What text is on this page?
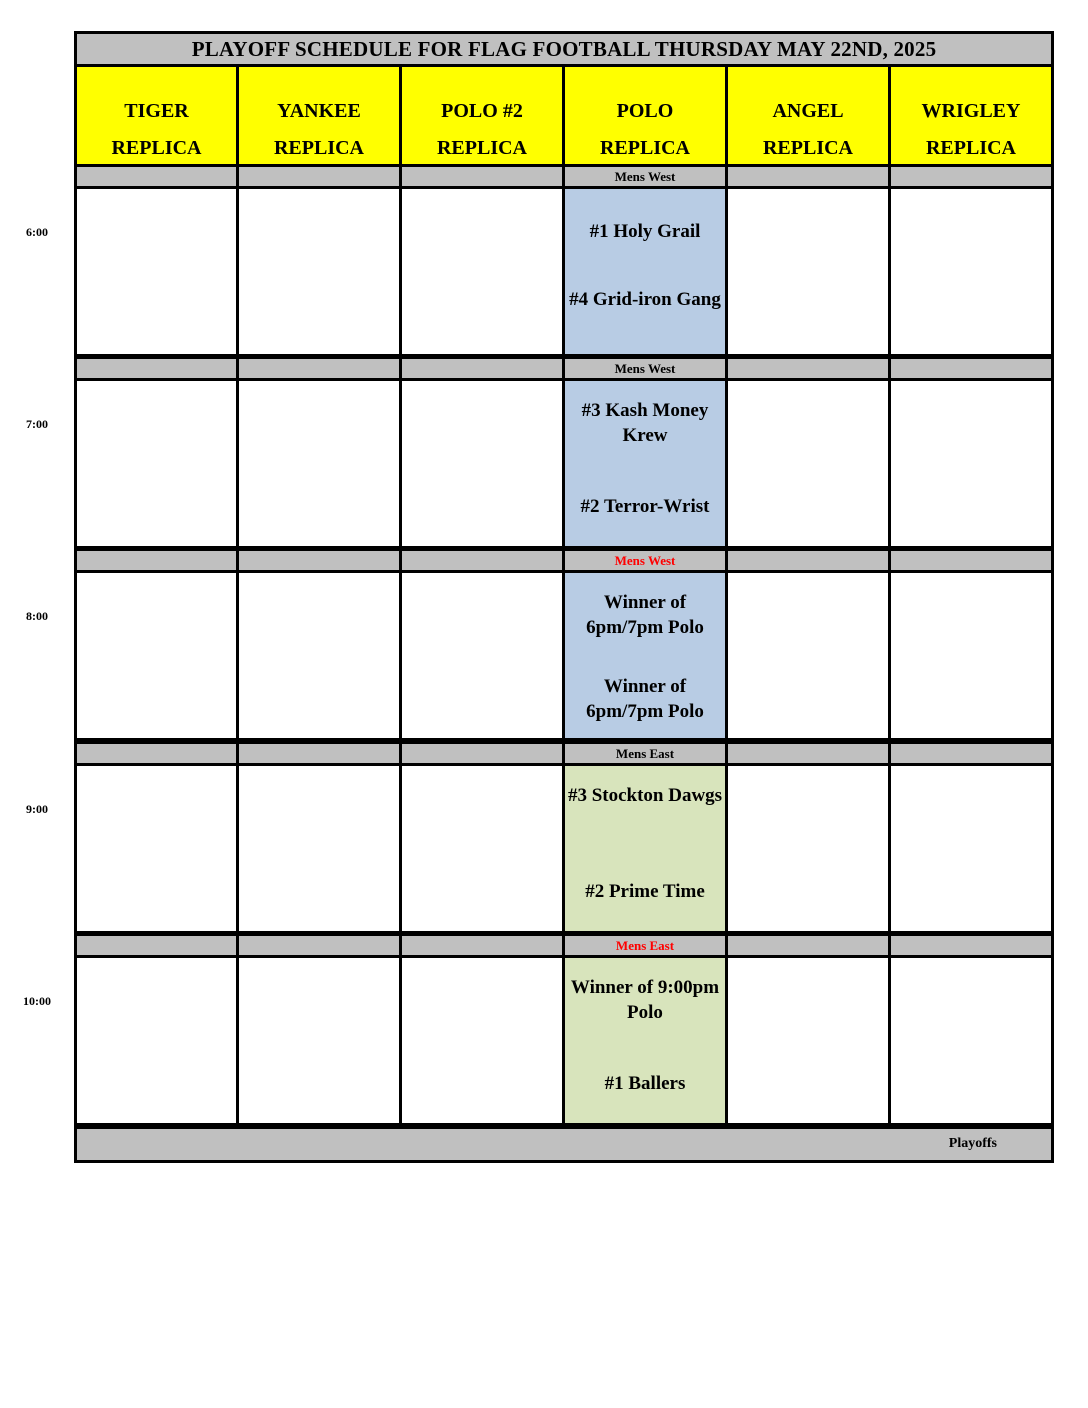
PLAYOFF SCHEDULE FOR FLAG FOOTBALL THURSDAY MAY 22ND, 2025
TIGER
REPLICA
YANKEE
REPLICA
POLO #2
REPLICA
POLO
REPLICA
ANGEL
REPLICA
WRIGLEY
REPLICA
Mens West
#1 Holy Grail
#4 Grid-iron Gang
Mens West
#3 Kash Money Krew
#2 Terror-Wrist
Mens West
Winner of 6pm/7pm Polo
Winner of 6pm/7pm Polo
Mens East
#3 Stockton Dawgs
#2 Prime Time
Mens East
Winner of 9:00pm Polo
#1 Ballers
Playoffs
6:00
7:00
8:00
9:00
10:00
